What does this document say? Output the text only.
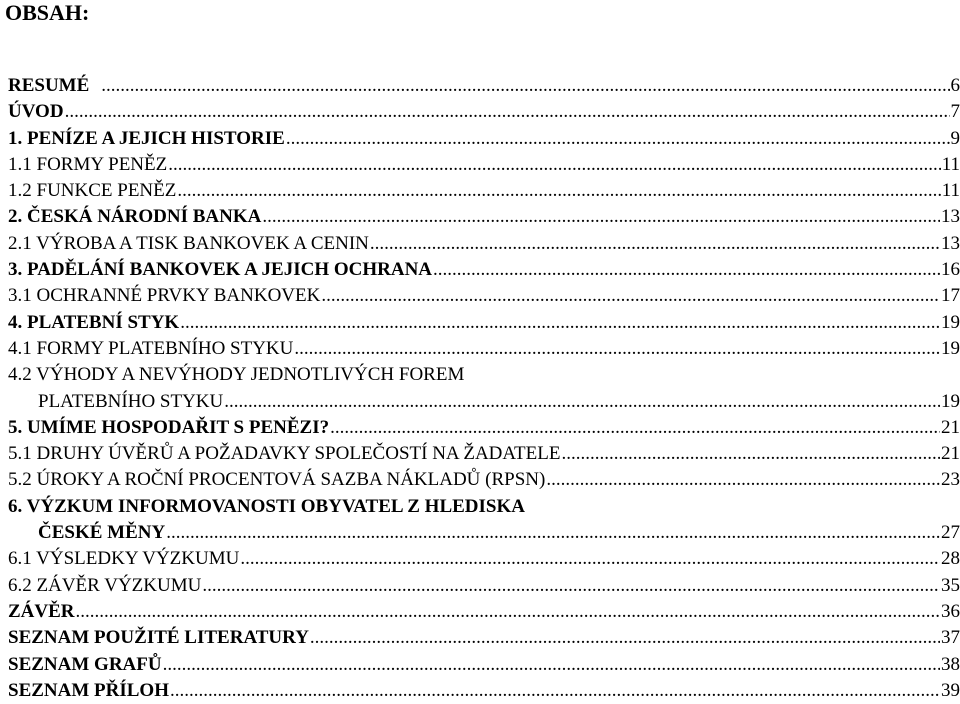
OBSAH:
RESUMÉ .....	6
ÚVOD .....	7
1. PENÍZE A JEJICH HISTORIE .....	9
1.1 FORMY PENĚZ .....	11
1.2 FUNKCE PENĚZ .....	11
2. ČESKÁ NÁRODNÍ BANKA .....	13
2.1 VÝROBA A TISK BANKOVEK A CENIN .....	13
3. PADĚLÁNÍ BANKOVEK A JEJICH OCHRANA .....	16
3.1 OCHRANNÉ PRVKY BANKOVEK .....	17
4. PLATEBNÍ STYK .....	19
4.1 FORMY PLATEBNÍHO STYKU .....	19
4.2 VÝHODY A NEVÝHODY JEDNOTLIVÝCH FOREM
PLATEBNÍHO STYKU .....	19
5. UMÍME HOSPODAŘIT S PENĚZI? .....	21
5.1 DRUHY ÚVĚRŮ A POŽADAVKY SPOLEČOSTÍ NA ŽADATELE .....	21
5.2 ÚROKY A ROČNÍ PROCENTOVÁ SAZBA NÁKLADŮ (RPSN) .....	23
6. VÝZKUM INFORMOVANOSTI OBYVATEL Z HLEDISKA
ČESKÉ MĚNY .....	27
6.1 VÝSLEDKY VÝZKUMU .....	28
6.2 ZÁVĚR VÝZKUMU .....	35
ZÁVĚR .....	36
SEZNAM POUŽITÉ LITERATURY .....	37
SEZNAM GRAFŮ .....	38
SEZNAM PŘÍLOH .....	39
